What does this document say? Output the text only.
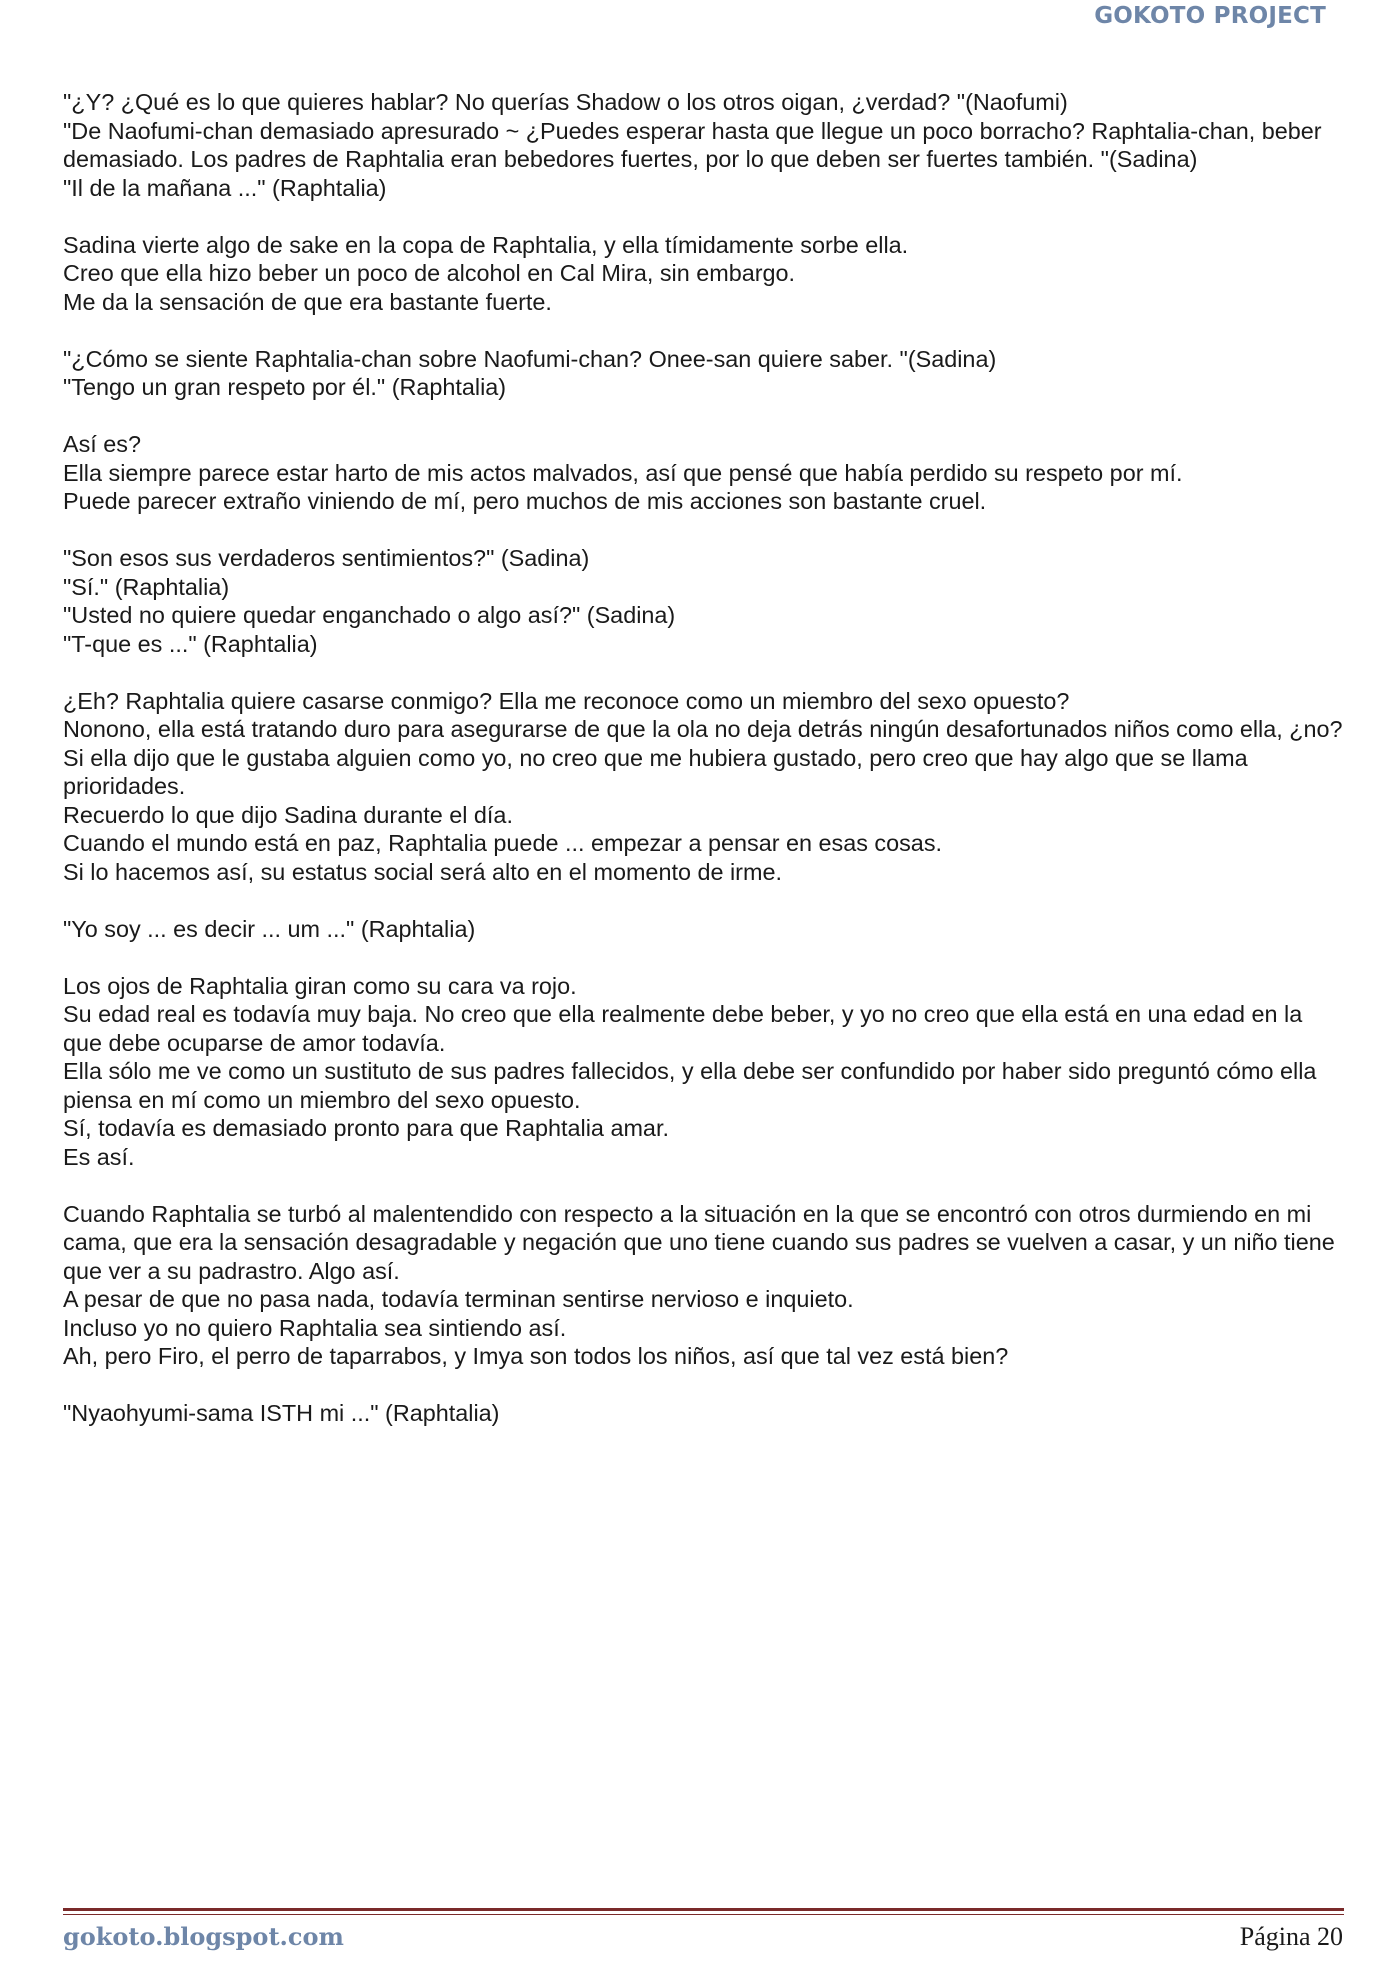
GOKOTO PROJECT

"¿Y? ¿Qué es lo que quieres hablar? No querías Shadow o los otros oigan, ¿verdad? "(Naofumi)

"De Naofumi-chan demasiado apresurado ~ ¿Puedes esperar hasta que llegue un poco borracho? Raphtalia-chan, beber demasiado. Los padres de Raphtalia eran bebedores fuertes, por lo que deben ser fuertes también. "(Sadina)

"Il de la mañana ..." (Raphtalia)

Sadina vierte algo de sake en la copa de Raphtalia, y ella tímidamente sorbe ella.

Creo que ella hizo beber un poco de alcohol en Cal Mira, sin embargo.

Me da la sensación de que era bastante fuerte.

"¿Cómo se siente Raphtalia-chan sobre Naofumi-chan? Onee-san quiere saber. "(Sadina)

"Tengo un gran respeto por él." (Raphtalia)

Así es?

Ella siempre parece estar harto de mis actos malvados, así que pensé que había perdido su respeto por mí.

Puede parecer extraño viniendo de mí, pero muchos de mis acciones son bastante cruel.

"Son esos sus verdaderos sentimientos?" (Sadina)

"Sí." (Raphtalia)

"Usted no quiere quedar enganchado o algo así?" (Sadina)

"T-que es ..." (Raphtalia)

¿Eh? Raphtalia quiere casarse conmigo? Ella me reconoce como un miembro del sexo opuesto?

Nonono, ella está tratando duro para asegurarse de que la ola no deja detrás ningún desafortunados niños como ella, ¿no?

Si ella dijo que le gustaba alguien como yo, no creo que me hubiera gustado, pero creo que hay algo que se llama prioridades.

Recuerdo lo que dijo Sadina durante el día.

Cuando el mundo está en paz, Raphtalia puede ... empezar a pensar en esas cosas.

Si lo hacemos así, su estatus social será alto en el momento de irme.

"Yo soy ... es decir ... um ..." (Raphtalia)

Los ojos de Raphtalia giran como su cara va rojo.

Su edad real es todavía muy baja. No creo que ella realmente debe beber, y yo no creo que ella está en una edad en la que debe ocuparse de amor todavía.

Ella sólo me ve como un sustituto de sus padres fallecidos, y ella debe ser confundido por haber sido preguntó cómo ella piensa en mí como un miembro del sexo opuesto.

Sí, todavía es demasiado pronto para que Raphtalia amar.

Es así.

Cuando Raphtalia se turbó al malentendido con respecto a la situación en la que se encontró con otros durmiendo en mi cama, que era la sensación desagradable y negación que uno tiene cuando sus padres se vuelven a casar, y un niño tiene que ver a su padrastro. Algo así.

A pesar de que no pasa nada, todavía terminan sentirse nervioso e inquieto.

Incluso yo no quiero Raphtalia sea sintiendo así.

Ah, pero Firo, el perro de taparrabos, y Imya son todos los niños, así que tal vez está bien?

"Nyaohyumi-sama ISTH mi ..." (Raphtalia)

gokoto.blogspot.com	Página 20
